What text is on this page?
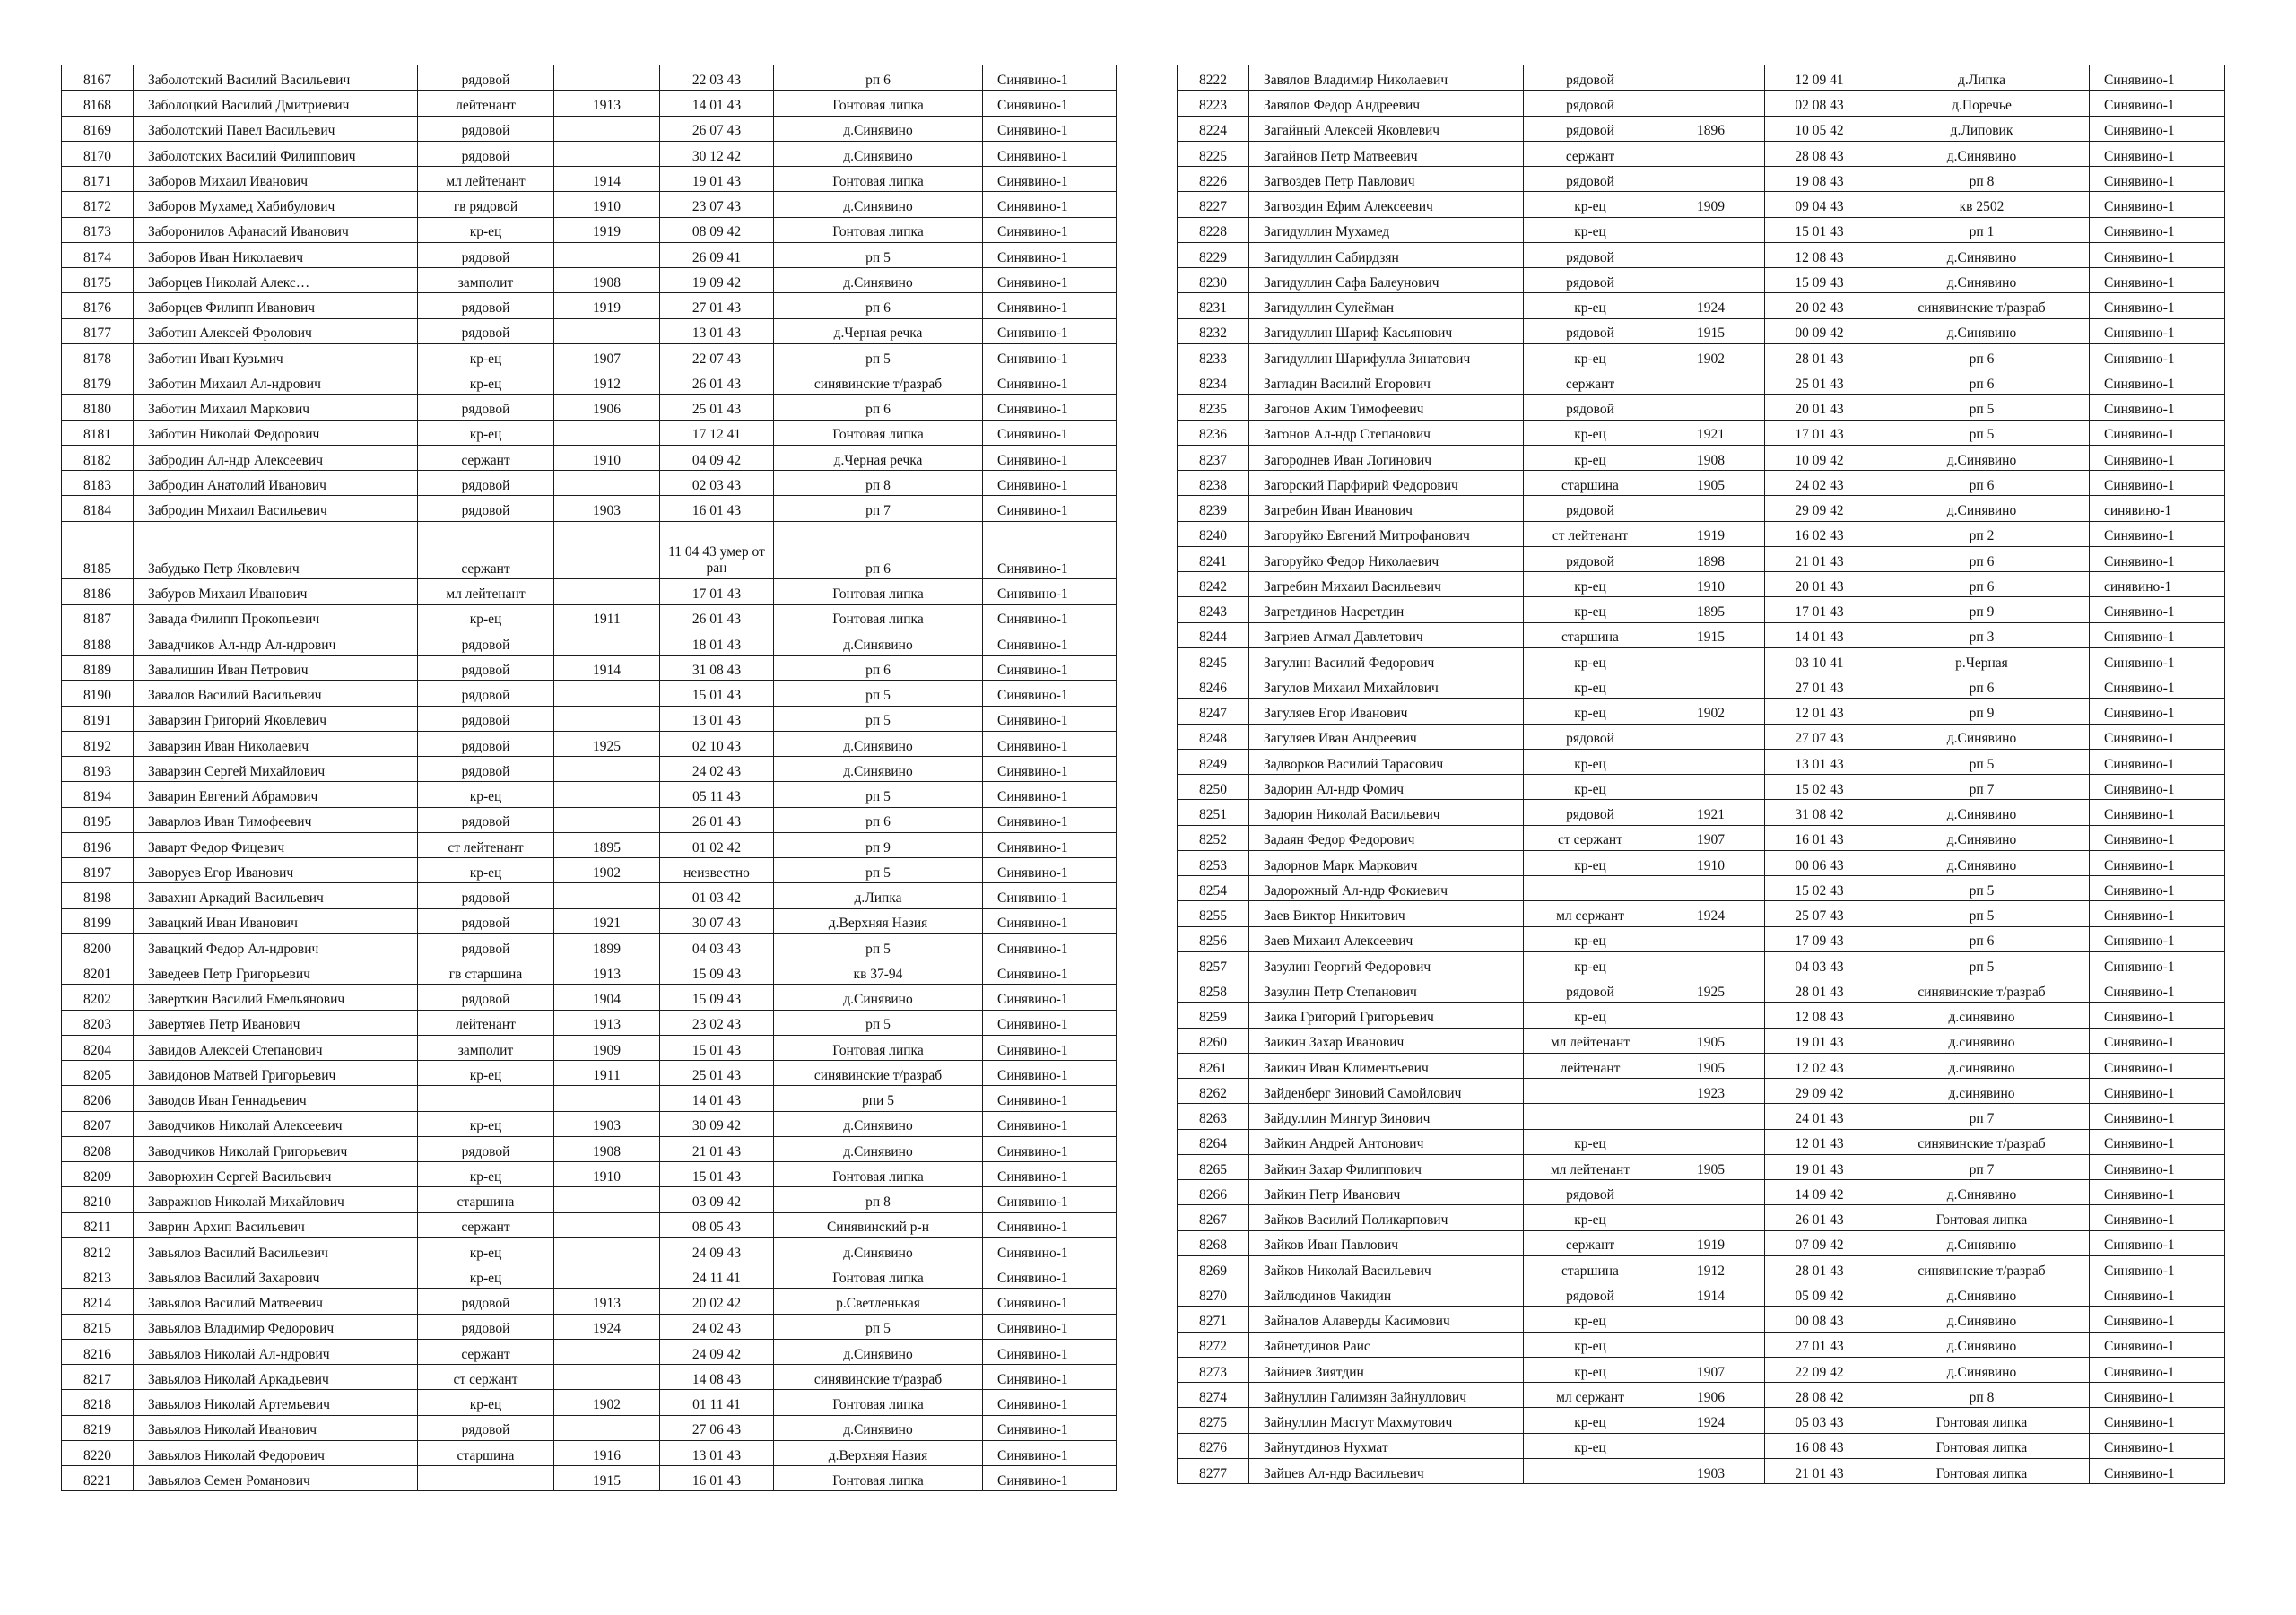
8167	Заболотский Василий Васильевич	рядовой		22 03 43	рп 6	Синявино-1
8168	Заболоцкий Василий Дмитриевич	лейтенант	1913	14 01 43	Гонтовая липка	Синявино-1
8169	Заболотский Павел Васильевич	рядовой		26 07 43	д.Синявино	Синявино-1
8170	Заболотских Василий Филиппович	рядовой		30 12 42	д.Синявино	Синявино-1
8171	Заборов Михаил Иванович	мл лейтенант	1914	19 01 43	Гонтовая липка	Синявино-1
8172	Заборов Мухамед Хабибулович	гв рядовой	1910	23 07 43	д.Синявино	Синявино-1
8173	Заборонилов Афанасий Иванович	кр-ец	1919	08 09 42	Гонтовая липка	Синявино-1
8174	Заборов Иван Николаевич	рядовой		26 09 41	рп 5	Синявино-1
8175	Заборцев Николай Алекс…	замполит	1908	19 09 42	д.Синявино	Синявино-1
8176	Заборцев Филипп Иванович	рядовой	1919	27 01 43	рп 6	Синявино-1
8177	Заботин Алексей Фролович	рядовой		13 01 43	д.Черная речка	Синявино-1
8178	Заботин Иван Кузьмич	кр-ец	1907	22 07 43	рп 5	Синявино-1
8179	Заботин Михаил Ал-ндрович	кр-ец	1912	26 01 43	синявинские т/разраб	Синявино-1
8180	Заботин Михаил Маркович	рядовой	1906	25 01 43	рп 6	Синявино-1
8181	Заботин Николай Федорович	кр-ец		17 12 41	Гонтовая липка	Синявино-1
8182	Забродин Ал-ндр Алексеевич	сержант	1910	04 09 42	д.Черная речка	Синявино-1
8183	Забродин Анатолий Иванович	рядовой		02 03 43	рп 8	Синявино-1
8184	Забродин Михаил Васильевич	рядовой	1903	16 01 43	рп 7	Синявино-1
8185	Забудько Петр Яковлевич	сержант		11 04 43 умер от ран	рп 6	Синявино-1
8186	Забуров Михаил Иванович	мл лейтенант		17 01 43	Гонтовая липка	Синявино-1
8187	Завада Филипп Прокопьевич	кр-ец	1911	26 01 43	Гонтовая липка	Синявино-1
8188	Завадчиков Ал-ндр Ал-ндрович	рядовой		18 01 43	д.Синявино	Синявино-1
8189	Завалишин Иван Петрович	рядовой	1914	31 08 43	рп 6	Синявино-1
8190	Завалов Василий Васильевич	рядовой		15 01 43	рп 5	Синявино-1
8191	Заварзин Григорий Яковлевич	рядовой		13 01 43	рп 5	Синявино-1
8192	Заварзин Иван Николаевич	рядовой	1925	02 10 43	д.Синявино	Синявино-1
8193	Заварзин Сергей Михайлович	рядовой		24 02 43	д.Синявино	Синявино-1
8194	Заварин Евгений Абрамович	кр-ец		05 11 43	рп 5	Синявино-1
8195	Заварлов Иван Тимофеевич	рядовой		26 01 43	рп 6	Синявино-1
8196	Заварт Федор Фицевич	ст лейтенант	1895	01 02 42	рп 9	Синявино-1
8197	Заворуев Егор Иванович	кр-ец	1902	неизвестно	рп 5	Синявино-1
8198	Завахин Аркадий Васильевич	рядовой		01 03 42	д.Липка	Синявино-1
8199	Завацкий Иван Иванович	рядовой	1921	30 07 43	д.Верхняя Назия	Синявино-1
8200	Завацкий Федор Ал-ндрович	рядовой	1899	04 03 43	рп 5	Синявино-1
8201	Заведеев Петр Григорьевич	гв старшина	1913	15 09 43	кв 37-94	Синявино-1
8202	Заверткин Василий Емельянович	рядовой	1904	15 09 43	д.Синявино	Синявино-1
8203	Завертяев Петр Иванович	лейтенант	1913	23 02 43	рп 5	Синявино-1
8204	Завидов Алексей Степанович	замполит	1909	15 01 43	Гонтовая липка	Синявино-1
8205	Завидонов Матвей Григорьевич	кр-ец	1911	25 01 43	синявинские т/разраб	Синявино-1
8206	Заводов Иван Геннадьевич			14 01 43	рпи 5	Синявино-1
8207	Заводчиков Николай Алексеевич	кр-ец	1903	30 09 42	д.Синявино	Синявино-1
8208	Заводчиков Николай Григорьевич	рядовой	1908	21 01 43	д.Синявино	Синявино-1
8209	Заворюхин Сергей Васильевич	кр-ец	1910	15 01 43	Гонтовая липка	Синявино-1
8210	Завражнов Николай Михайлович	старшина		03 09 42	рп 8	Синявино-1
8211	Заврин Архип Васильевич	сержант		08 05 43	Синявинский р-н	Синявино-1
8212	Завьялов Василий Васильевич	кр-ец		24 09 43	д.Синявино	Синявино-1
8213	Завьялов Василий Захарович	кр-ец		24 11 41	Гонтовая липка	Синявино-1
8214	Завьялов Василий Матвеевич	рядовой	1913	20 02 42	р.Светленькая	Синявино-1
8215	Завьялов Владимир Федорович	рядовой	1924	24 02 43	рп 5	Синявино-1
8216	Завьялов Николай Ал-ндрович	сержант		24 09 42	д.Синявино	Синявино-1
8217	Завьялов Николай Аркадьевич	ст сержант		14 08 43	синявинские т/разраб	Синявино-1
8218	Завьялов Николай Артемьевич	кр-ец	1902	01 11 41	Гонтовая липка	Синявино-1
8219	Завьялов Николай Иванович	рядовой		27 06 43	д.Синявино	Синявино-1
8220	Завьялов Николай Федорович	старшина	1916	13 01 43	д.Верхняя Назия	Синявино-1
8221	Завьялов Семен Романович		1915	16 01 43	Гонтовая липка	Синявино-1
8222	Завялов Владимир Николаевич	рядовой		12 09 41	д.Липка	Синявино-1
8223	Завялов Федор Андреевич	рядовой		02 08 43	д.Поречье	Синявино-1
8224	Загайный Алексей Яковлевич	рядовой	1896	10 05 42	д.Липовик	Синявино-1
8225	Загайнов Петр Матвеевич	сержант		28 08 43	д.Синявино	Синявино-1
8226	Загвоздев Петр Павлович	рядовой		19 08 43	рп 8	Синявино-1
8227	Загвоздин Ефим Алексеевич	кр-ец	1909	09 04 43	кв 2502	Синявино-1
8228	Загидуллин Мухамед	кр-ец		15 01 43	рп 1	Синявино-1
8229	Загидуллин Сабирдзян	рядовой		12 08 43	д.Синявино	Синявино-1
8230	Загидуллин Сафа Балеунович	рядовой		15 09 43	д.Синявино	Синявино-1
8231	Загидуллин Сулейман	кр-ец	1924	20 02 43	синявинские т/разраб	Синявино-1
8232	Загидуллин Шариф Касьянович	рядовой	1915	00 09 42	д.Синявино	Синявино-1
8233	Загидуллин Шарифулла Зинатович	кр-ец	1902	28 01 43	рп 6	Синявино-1
8234	Загладин Василий Егорович	сержант		25 01 43	рп 6	Синявино-1
8235	Загонов Аким Тимофеевич	рядовой		20 01 43	рп 5	Синявино-1
8236	Загонов Ал-ндр Степанович	кр-ец	1921	17 01 43	рп 5	Синявино-1
8237	Загороднев Иван Логинович	кр-ец	1908	10 09 42	д.Синявино	Синявино-1
8238	Загорский Парфирий Федорович	старшина	1905	24 02 43	рп 6	Синявино-1
8239	Загребин Иван Иванович	рядовой		29 09 42	д.Синявино	синявино-1
8240	Загоруйко Евгений Митрофанович	ст лейтенант	1919	16 02 43	рп 2	Синявино-1
8241	Загоруйко Федор Николаевич	рядовой	1898	21 01 43	рп 6	Синявино-1
8242	Загребин Михаил Васильевич	кр-ец	1910	20 01 43	рп 6	синявино-1
8243	Загретдинов Насретдин	кр-ец	1895	17 01 43	рп 9	Синявино-1
8244	Загриев Агмал Давлетович	старшина	1915	14 01 43	рп 3	Синявино-1
8245	Загулин Василий Федорович	кр-ец		03 10 41	р.Черная	Синявино-1
8246	Загулов Михаил Михайлович	кр-ец		27 01 43	рп 6	Синявино-1
8247	Загуляев Егор Иванович	кр-ец	1902	12 01 43	рп 9	Синявино-1
8248	Загуляев Иван Андреевич	рядовой		27 07 43	д.Синявино	Синявино-1
8249	Задворков Василий Тарасович	кр-ец		13 01 43	рп 5	Синявино-1
8250	Задорин Ал-ндр Фомич	кр-ец		15 02 43	рп 7	Синявино-1
8251	Задорин Николай Васильевич	рядовой	1921	31 08 42	д.Синявино	Синявино-1
8252	Задаян Федор Федорович	ст сержант	1907	16 01 43	д.Синявино	Синявино-1
8253	Задорнов Марк Маркович	кр-ец	1910	00 06 43	д.Синявино	Синявино-1
8254	Задорожный Ал-ндр Фокиевич			15 02 43	рп 5	Синявино-1
8255	Заев Виктор Никитович	мл сержант	1924	25 07 43	рп 5	Синявино-1
8256	Заев Михаил Алексеевич	кр-ец		17 09 43	рп 6	Синявино-1
8257	Зазулин Георгий Федорович	кр-ец		04 03 43	рп 5	Синявино-1
8258	Зазулин Петр Степанович	рядовой	1925	28 01 43	синявинские т/разраб	Синявино-1
8259	Заика Григорий Григорьевич	кр-ец		12 08 43	д.синявино	Синявино-1
8260	Заикин Захар Иванович	мл лейтенант	1905	19 01 43	д.синявино	Синявино-1
8261	Заикин Иван Климентьевич	лейтенант	1905	12 02 43	д.синявино	Синявино-1
8262	Зайденберг Зиновий Самойлович		1923	29 09 42	д.синявино	Синявино-1
8263	Зайдуллин Мингур Зинович			24 01 43	рп 7	Синявино-1
8264	Зайкин Андрей Антонович	кр-ец		12 01 43	синявинские т/разраб	Синявино-1
8265	Зайкин Захар Филиппович	мл лейтенант	1905	19 01 43	рп 7	Синявино-1
8266	Зайкин Петр Иванович	рядовой		14 09 42	д.Синявино	Синявино-1
8267	Зайков Василий Поликарпович	кр-ец		26 01 43	Гонтовая липка	Синявино-1
8268	Зайков Иван Павлович	сержант	1919	07 09 42	д.Синявино	Синявино-1
8269	Зайков Николай Васильевич	старшина	1912	28 01 43	синявинские т/разраб	Синявино-1
8270	Зайлюдинов Чакидин	рядовой	1914	05 09 42	д.Синявино	Синявино-1
8271	Зайналов Алаверды Касимович	кр-ец		00 08 43	д.Синявино	Синявино-1
8272	Зайнетдинов Раис	кр-ец		27 01 43	д.Синявино	Синявино-1
8273	Зайниев Зиятдин	кр-ец	1907	22 09 42	д.Синявино	Синявино-1
8274	Зайнуллин Галимзян Зайнуллович	мл сержант	1906	28 08 42	рп 8	Синявино-1
8275	Зайнуллин Масгут Махмутович	кр-ец	1924	05 03 43	Гонтовая липка	Синявино-1
8276	Зайнутдинов Нухмат	кр-ец		16 08 43	Гонтовая липка	Синявино-1
8277	Зайцев Ал-ндр Васильевич		1903	21 01 43	Гонтовая липка	Синявино-1
